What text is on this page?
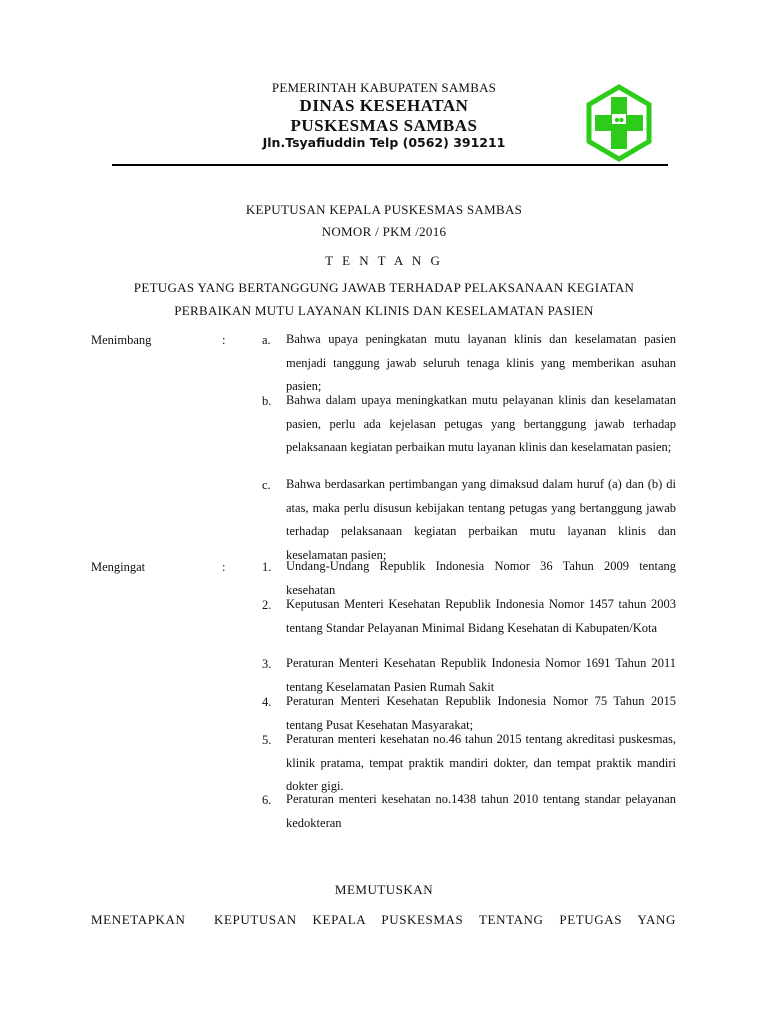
PEMERINTAH KABUPATEN SAMBAS
DINAS KESEHATAN
PUSKESMAS SAMBAS
Jln.Tsyafiuddin Telp (0562) 391211
KEPUTUSAN KEPALA PUSKESMAS SAMBAS
NOMOR / PKM /2016
T E N T A N G
PETUGAS YANG BERTANGGUNG JAWAB TERHADAP PELAKSANAAN KEGIATAN
PERBAIKAN MUTU LAYANAN KLINIS DAN KESELAMATAN PASIEN
Menimbang	:	a.	Bahwa upaya peningkatan mutu layanan klinis dan keselamatan pasien menjadi tanggung jawab seluruh tenaga klinis yang memberikan asuhan pasien;
b.	Bahwa dalam upaya meningkatkan mutu pelayanan klinis dan keselamatan pasien, perlu ada kejelasan petugas yang bertanggung jawab terhadap pelaksanaan kegiatan perbaikan mutu layanan klinis dan keselamatan pasien;
c.	Bahwa berdasarkan pertimbangan yang dimaksud dalam huruf (a) dan (b) di atas, maka perlu disusun kebijakan tentang petugas yang bertanggung jawab terhadap pelaksanaan kegiatan perbaikan mutu layanan klinis dan keselamatan pasien;
Mengingat	:	1.	Undang-Undang Republik Indonesia Nomor 36 Tahun 2009 tentang kesehatan
2.	Keputusan Menteri Kesehatan Republik Indonesia Nomor 1457 tahun 2003 tentang Standar Pelayanan Minimal Bidang Kesehatan di Kabupaten/Kota
3.	Peraturan Menteri Kesehatan Republik Indonesia Nomor 1691 Tahun 2011 tentang Keselamatan Pasien Rumah Sakit
4.	Peraturan Menteri Kesehatan Republik Indonesia Nomor 75 Tahun 2015 tentang Pusat Kesehatan Masyarakat;
5.	Peraturan menteri kesehatan no.46 tahun 2015 tentang akreditasi puskesmas, klinik pratama, tempat praktik mandiri dokter, dan tempat praktik mandiri dokter gigi.
6.	Peraturan menteri kesehatan no.1438 tahun 2010 tentang standar pelayanan kedokteran
MEMUTUSKAN
MENETAPKAN KEPUTUSAN KEPALA PUSKESMAS TENTANG PETUGAS YANG
